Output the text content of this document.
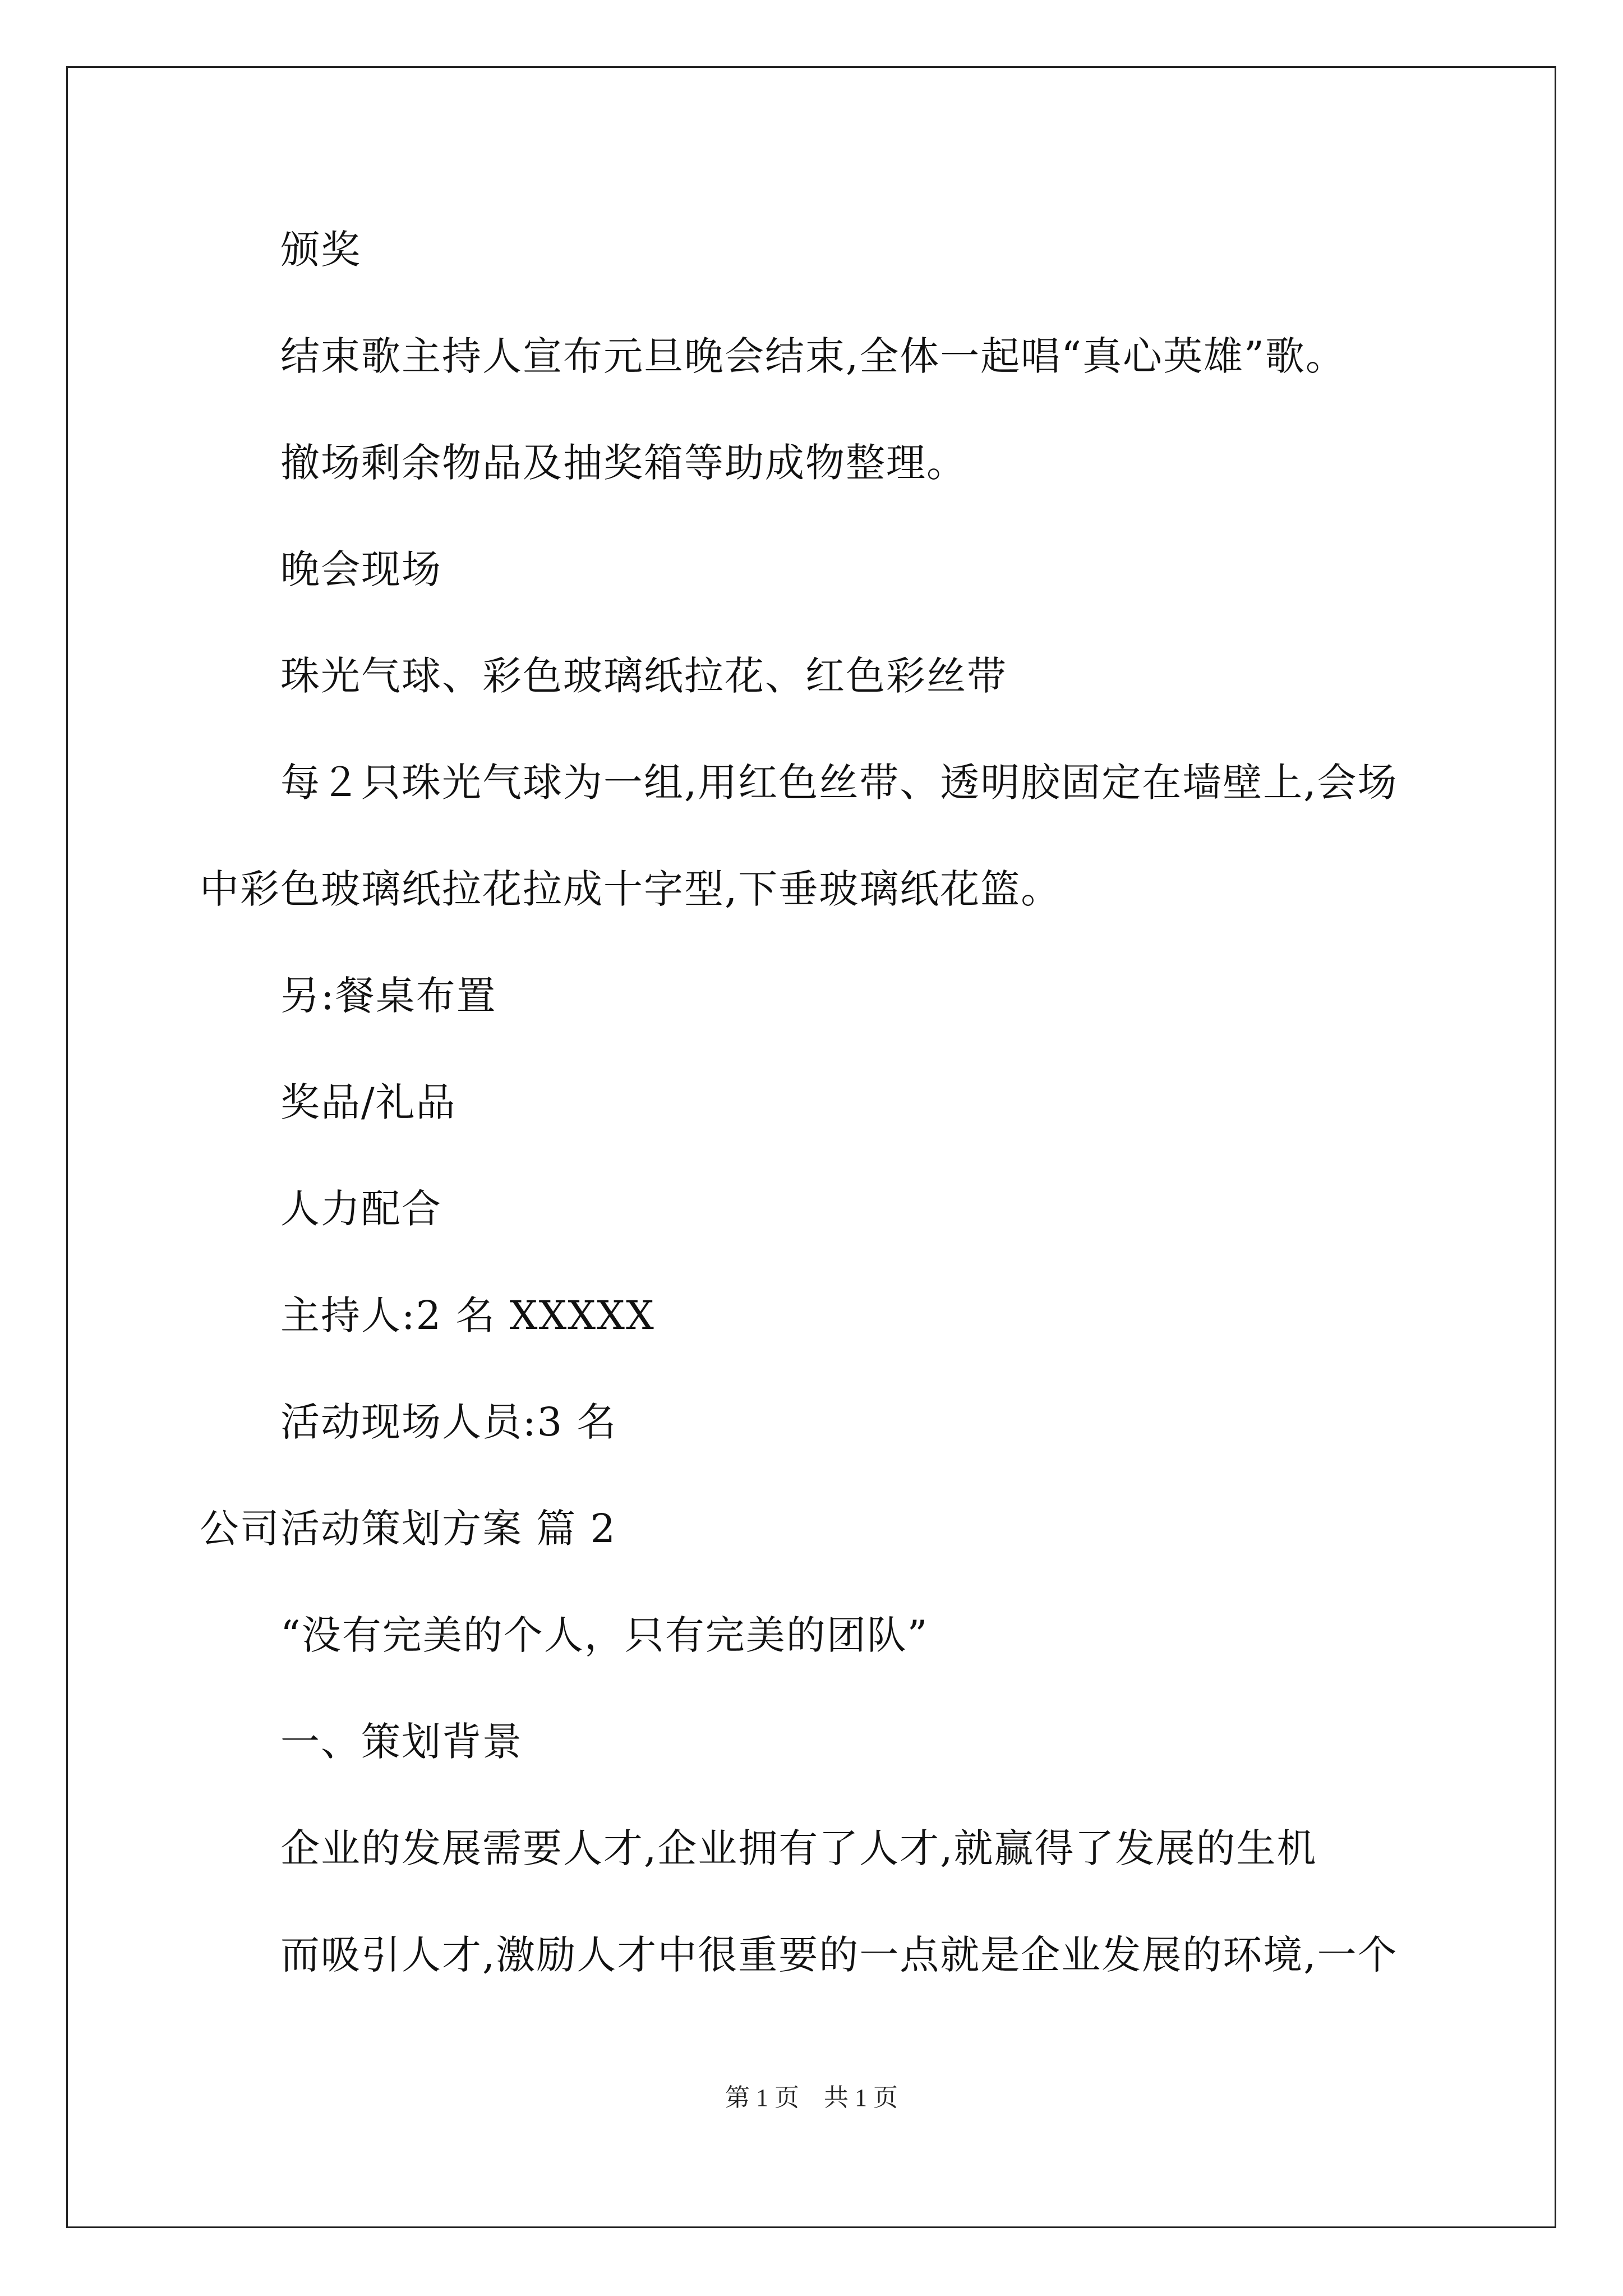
颁奖
结束歌主持人宣布元旦晚会结束,全体一起唱“真心英雄”歌。
撤场剩余物品及抽奖箱等助成物整理。
晚会现场
珠光气球、彩色玻璃纸拉花、红色彩丝带
每２只珠光气球为一组,用红色丝带、透明胶固定在墙壁上,会场
中彩色玻璃纸拉花拉成十字型,下垂玻璃纸花篮。
另:餐桌布置
奖品/礼品
人力配合
主持人:2 名 XXXXX
活动现场人员:3 名
公司活动策划方案 篇 2
“没有完美的个人，只有完美的团队”
一、策划背景
企业的发展需要人才,企业拥有了人才,就赢得了发展的生机
而吸引人才,激励人才中很重要的一点就是企业发展的环境,一个
第 1 页　共 1 页
